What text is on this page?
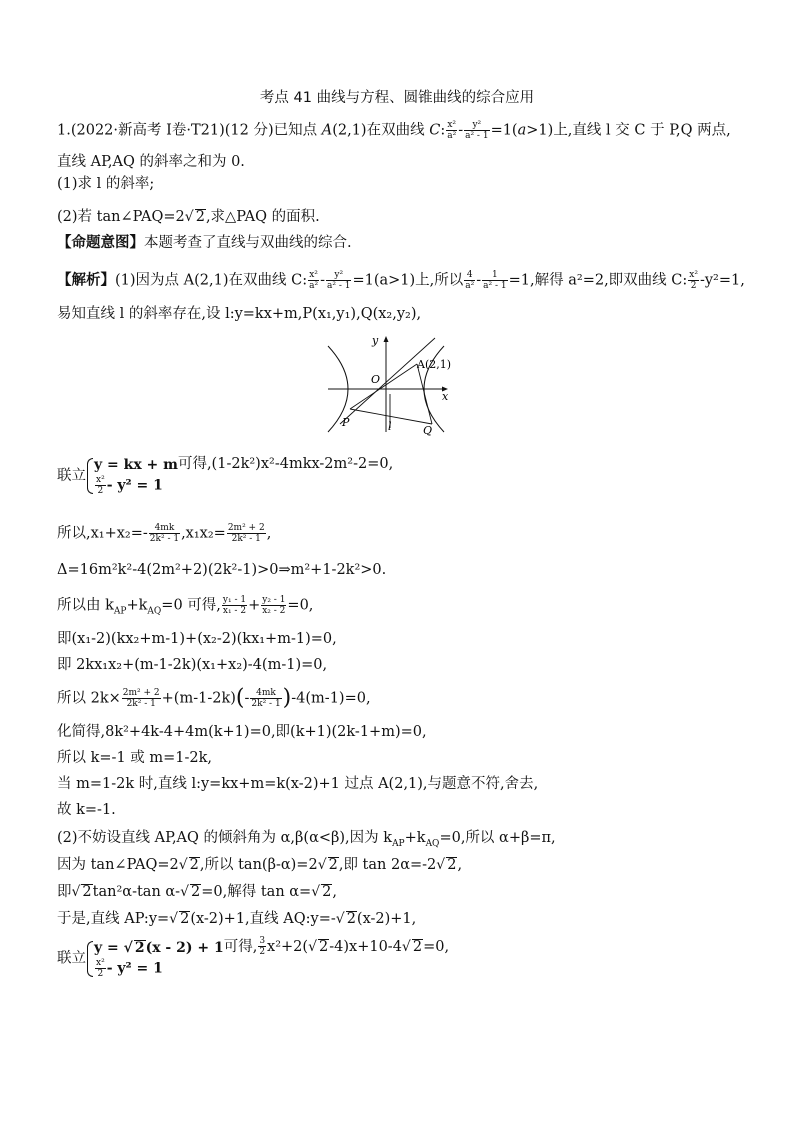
考点 41 曲线与方程、圆锥曲线的综合应用
1.(2022·新高考 Ⅰ卷·T21)(12 分)已知点 A(2,1)在双曲线 C: $\frac{\text{x²}}{\text{a²}} - \frac{\text{y²}}{\text{a² - 1}} =1(a>1)$上,直线 l 交 C 于 P,Q 两点,
直线 AP,AQ 的斜率之和为 0.
(1)求 l 的斜率;
(2)若 tan∠PAQ=2√ 2,求△PAQ 的面积.
【命题意图】本题考查了直线与双曲线的综合.
【解析】(1)因为点 A(2,1)在双曲线 C: $\frac{\text{x²}}{\text{a²}} - \frac{\text{y²}}{\text{a² - 1}} =1(a>1)$上,所以 $\frac{4}{\text{a²}} - \frac{1}{\text{a² - 1}} =1$,解得 a²=2,即双曲线 C: $\frac{\text{x²}}{2} -y^2=1$,
易知直线 l 的斜率存在,设 l:y=kx+m,P(x₁,y₁),Q(x₂,y₂),
y
x
O
A(2,1)
P	l	Q
联立
y = kx + m
$\frac{\text{x²}}{2} - y^2 = 1$
可得,(1-2k²)x²-4mkx-2m²-2=0,
所以$,x_1+x_2=- \frac{4mk}{\text{2k² - 1}} ,x_1x_2= \frac{\text{2m² + 2}}{\text{2k² - 1}}$ ,
Δ=16m²k²-4(2m²+2)(2k²-1)>0⇒m²+1-2k²>0.
所以由 $k_{AP}+k_{AQ}=0$ 可得, $\frac{\text{y₁ - 1}}{\text{x₁ - 2}} + \frac{\text{y₂ - 1}}{\text{x₂ - 2}} =0$,
即(x₁-2)(kx₂+m-1)+(x₂-2)(kx₁+m-1)=0,
即 2kx₁x₂+(m-1-2k)(x₁+x₂)-4(m-1)=0,
所以 $2k\times \frac{\text{2m² + 2}}{\text{2k² - 1}} +(m-1-2k)(- \frac{4mk}{\text{2k² - 1}} )-4(m-1)=0$,
化简得,8k²+4k-4+4m(k+1)=0,即(k+1)(2k-1+m)=0,
所以 k=-1 或 m=1-2k,
当 m=1-2k 时,直线 l:y=kx+m=k(x-2)+1 过点 A(2,1),与题意不符,舍去,
故 k=-1.
(2)不妨设直线 AP,AQ 的倾斜角为 α,β(α<β),因为 $k_{AP}+k_{AQ}=0$,所以 α+β=π,
因为 tan∠PAQ=2√ 2,所以 tan(β-α)=2√ 2,即 tan 2α=-2√ 2,
即√ 2tan²α-tan α-√ 2=0,解得 tan α=√ 2,
于是,直线 AP:y=√ 2(x-2)+1,直线 AQ:y=-√ 2(x-2)+1,
联立
y = √ 2(x - 2) + 1
$\frac{\text{x²}}{2} - y^2 = 1$
可得, $\frac{3}{2} x^2+2(√$ 2-4)x+10-4√ 2=0,
